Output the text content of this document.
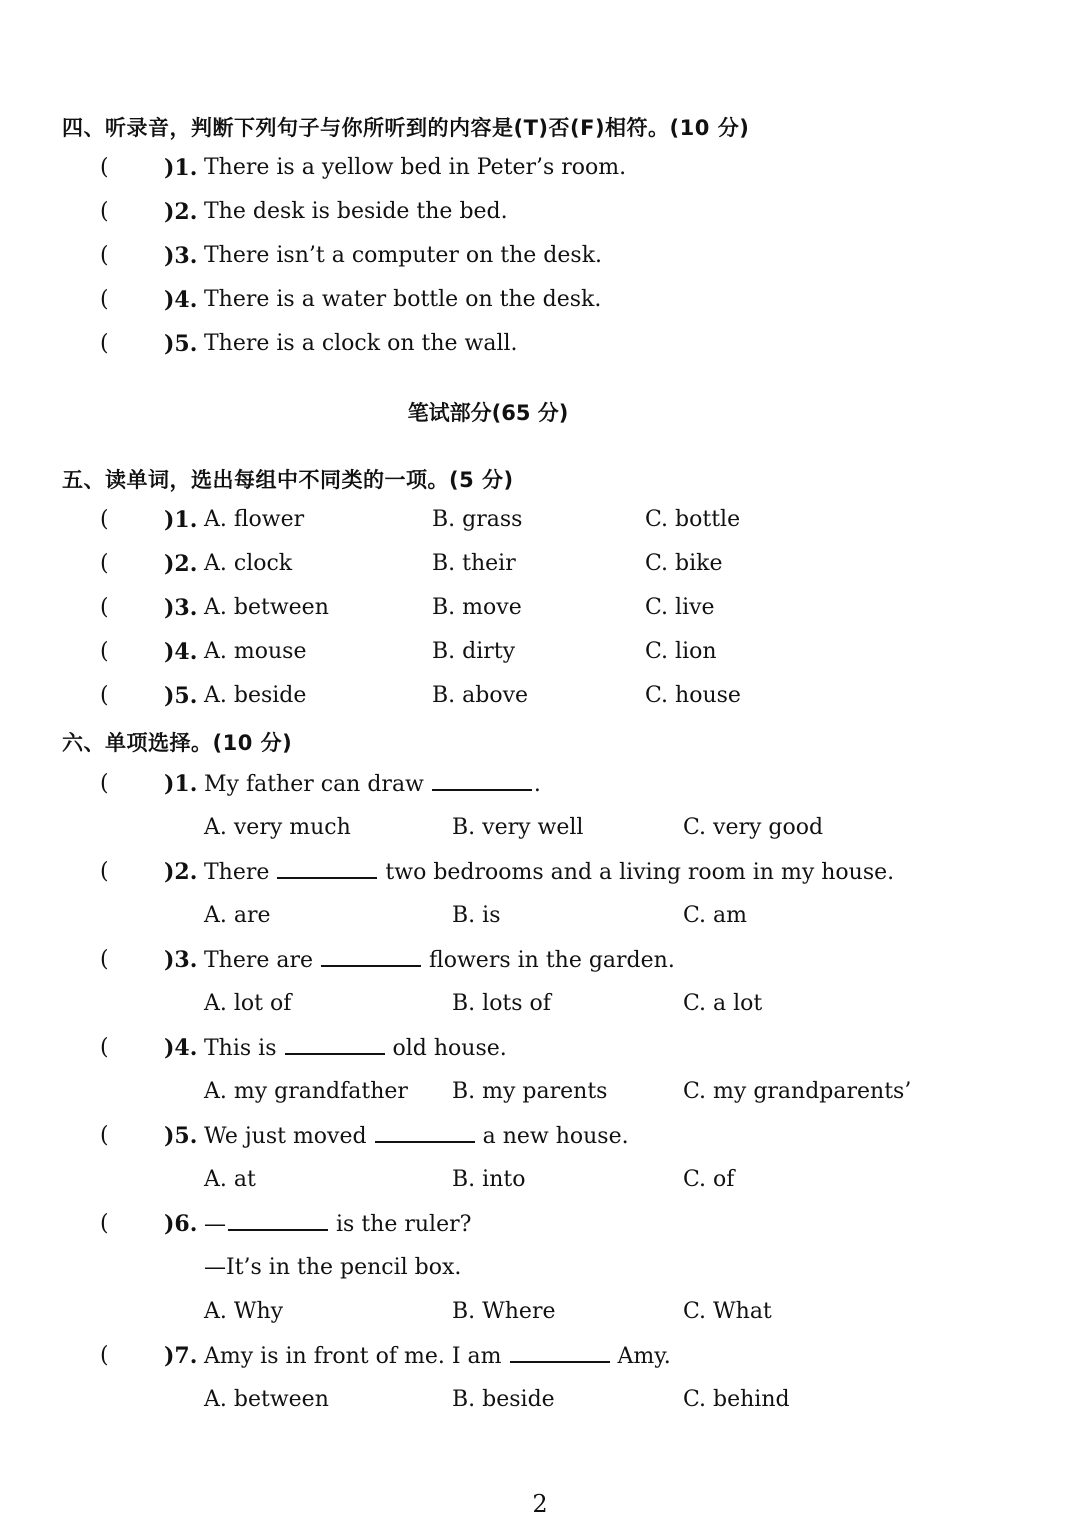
四、听录音，判断下列句子与你所听到的内容是(T)否(F)相符。(10 分)
(	)1. There is a yellow bed in Peter’s room.
(	)2. The desk is beside the bed.
(	)3. There isn’t a computer on the desk.
(	)4. There is a water bottle on the desk.
(	)5. There is a clock on the wall.
笔试部分(65 分)
五、读单词，选出每组中不同类的一项。(5 分)
(	)1. A. flower	B. grass	C. bottle
(	)2. A. clock	B. their	C. bike
(	)3. A. between	B. move	C. live
(	)4. A. mouse	B. dirty	C. lion
(	)5. A. beside	B. above	C. house
六、单项选择。(10 分)
(	)1. My father can draw	.
A. very much	B. very well	C. very good
(	)2. There	two bedrooms and a living room in my house.
A. are	B. is	C. am
(	)3. There are	flowers in the garden.
A. lot of	B. lots of	C. a lot
(	)4. This is	old house.
A. my grandfather B. my parents	C. my grandparents’
(	)5. We just moved	a new house.
A. at	B. into	C. of
(	)6. —	is the ruler?
—It’s in the pencil box.
A. Why	B. Where	C. What
(	)7. Amy is in front of me. I am	Amy.
A. between	B. beside	C. behind
2
